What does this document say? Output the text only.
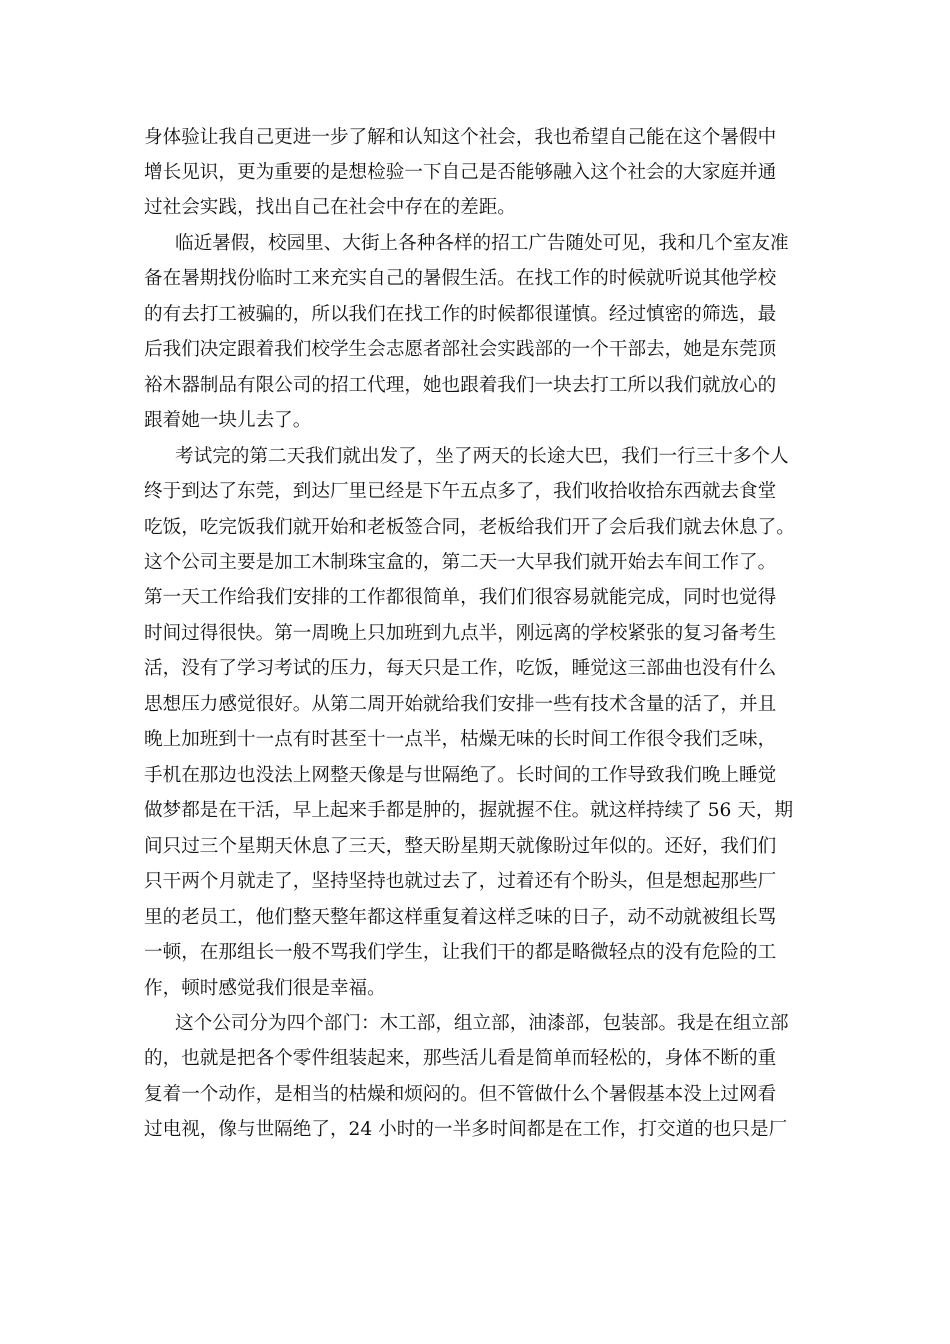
身体验让我自己更进一步了解和认知这个社会，我也希望自己能在这个暑假中
增长见识，更为重要的是想检验一下自己是否能够融入这个社会的大家庭并通
过社会实践，找出自己在社会中存在的差距。
临近暑假，校园里、大街上各种各样的招工广告随处可见，我和几个室友准
备在暑期找份临时工来充实自己的暑假生活。在找工作的时候就听说其他学校
的有去打工被骗的，所以我们在找工作的时候都很谨慎。经过慎密的筛选，最
后我们决定跟着我们校学生会志愿者部社会实践部的一个干部去，她是东莞顶
裕木器制品有限公司的招工代理，她也跟着我们一块去打工所以我们就放心的
跟着她一块儿去了。
考试完的第二天我们就出发了，坐了两天的长途大巴，我们一行三十多个人
终于到达了东莞，到达厂里已经是下午五点多了，我们收拾收拾东西就去食堂
吃饭，吃完饭我们就开始和老板签合同，老板给我们开了会后我们就去休息了。
这个公司主要是加工木制珠宝盒的，第二天一大早我们就开始去车间工作了。
第一天工作给我们安排的工作都很简单，我们们很容易就能完成，同时也觉得
时间过得很快。第一周晚上只加班到九点半，刚远离的学校紧张的复习备考生
活，没有了学习考试的压力，每天只是工作，吃饭，睡觉这三部曲也没有什么
思想压力感觉很好。从第二周开始就给我们安排一些有技术含量的活了，并且
晚上加班到十一点有时甚至十一点半，枯燥无味的长时间工作很令我们乏味，
手机在那边也没法上网整天像是与世隔绝了。长时间的工作导致我们晚上睡觉
做梦都是在干活，早上起来手都是肿的，握就握不住。就这样持续了 56 天，期
间只过三个星期天休息了三天，整天盼星期天就像盼过年似的。还好，我们们
只干两个月就走了，坚持坚持也就过去了，过着还有个盼头，但是想起那些厂
里的老员工，他们整天整年都这样重复着这样乏味的日子，动不动就被组长骂
一顿，在那组长一般不骂我们学生，让我们干的都是略微轻点的没有危险的工
作，顿时感觉我们很是幸福。
这个公司分为四个部门：木工部，组立部，油漆部，包装部。我是在组立部
的，也就是把各个零件组装起来，那些活儿看是简单而轻松的，身体不断的重
复着一个动作，是相当的枯燥和烦闷的。但不管做什么个暑假基本没上过网看
过电视，像与世隔绝了，24 小时的一半多时间都是在工作，打交道的也只是厂
